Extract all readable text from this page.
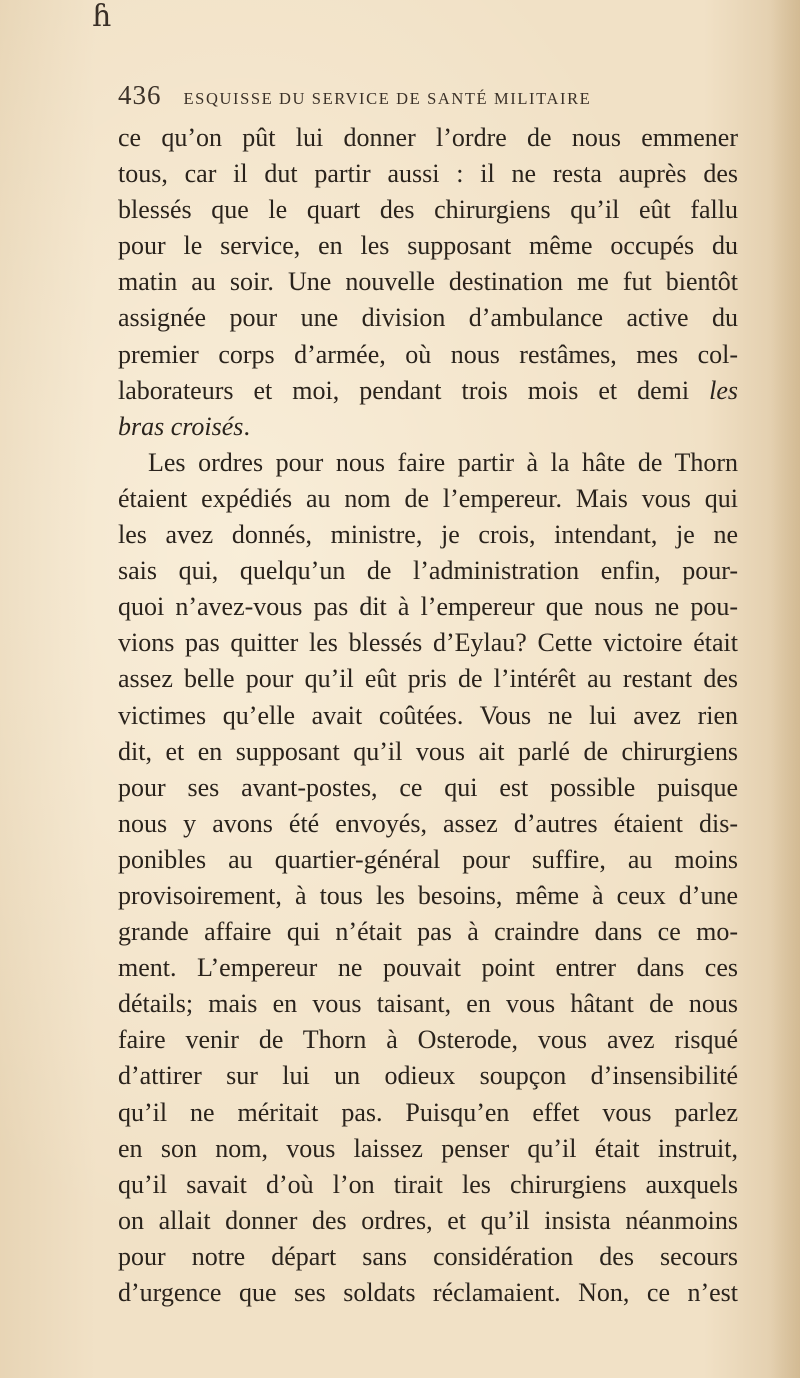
ɦ
436 ESQUISSE DU SERVICE DE SANTÉ MILITAIRE
ce qu’on pût lui donner l’ordre de nous emmener
tous, car il dut partir aussi : il ne resta auprès des
blessés que le quart des chirurgiens qu’il eût fallu
pour le service, en les supposant même occupés du
matin au soir. Une nouvelle destination me fut bientôt
assignée pour une division d’ambulance active du
premier corps d’armée, où nous restâmes, mes col-
laborateurs et moi, pendant trois mois et demi les
bras croisés.
Les ordres pour nous faire partir à la hâte de Thorn
étaient expédiés au nom de l’empereur. Mais vous qui
les avez donnés, ministre, je crois, intendant, je ne
sais qui, quelqu’un de l’administration enfin, pour-
quoi n’avez-vous pas dit à l’empereur que nous ne pou-
vions pas quitter les blessés d’Eylau? Cette victoire était
assez belle pour qu’il eût pris de l’intérêt au restant des
victimes qu’elle avait coûtées. Vous ne lui avez rien
dit, et en supposant qu’il vous ait parlé de chirurgiens
pour ses avant-postes, ce qui est possible puisque
nous y avons été envoyés, assez d’autres étaient dis-
ponibles au quartier-général pour suffire, au moins
provisoirement, à tous les besoins, même à ceux d’une
grande affaire qui n’était pas à craindre dans ce mo-
ment. L’empereur ne pouvait point entrer dans ces
détails; mais en vous taisant, en vous hâtant de nous
faire venir de Thorn à Osterode, vous avez risqué
d’attirer sur lui un odieux soupçon d’insensibilité
qu’il ne méritait pas. Puisqu’en effet vous parlez
en son nom, vous laissez penser qu’il était instruit,
qu’il savait d’où l’on tirait les chirurgiens auxquels
on allait donner des ordres, et qu’il insista néanmoins
pour notre départ sans considération des secours
d’urgence que ses soldats réclamaient. Non, ce n’est
